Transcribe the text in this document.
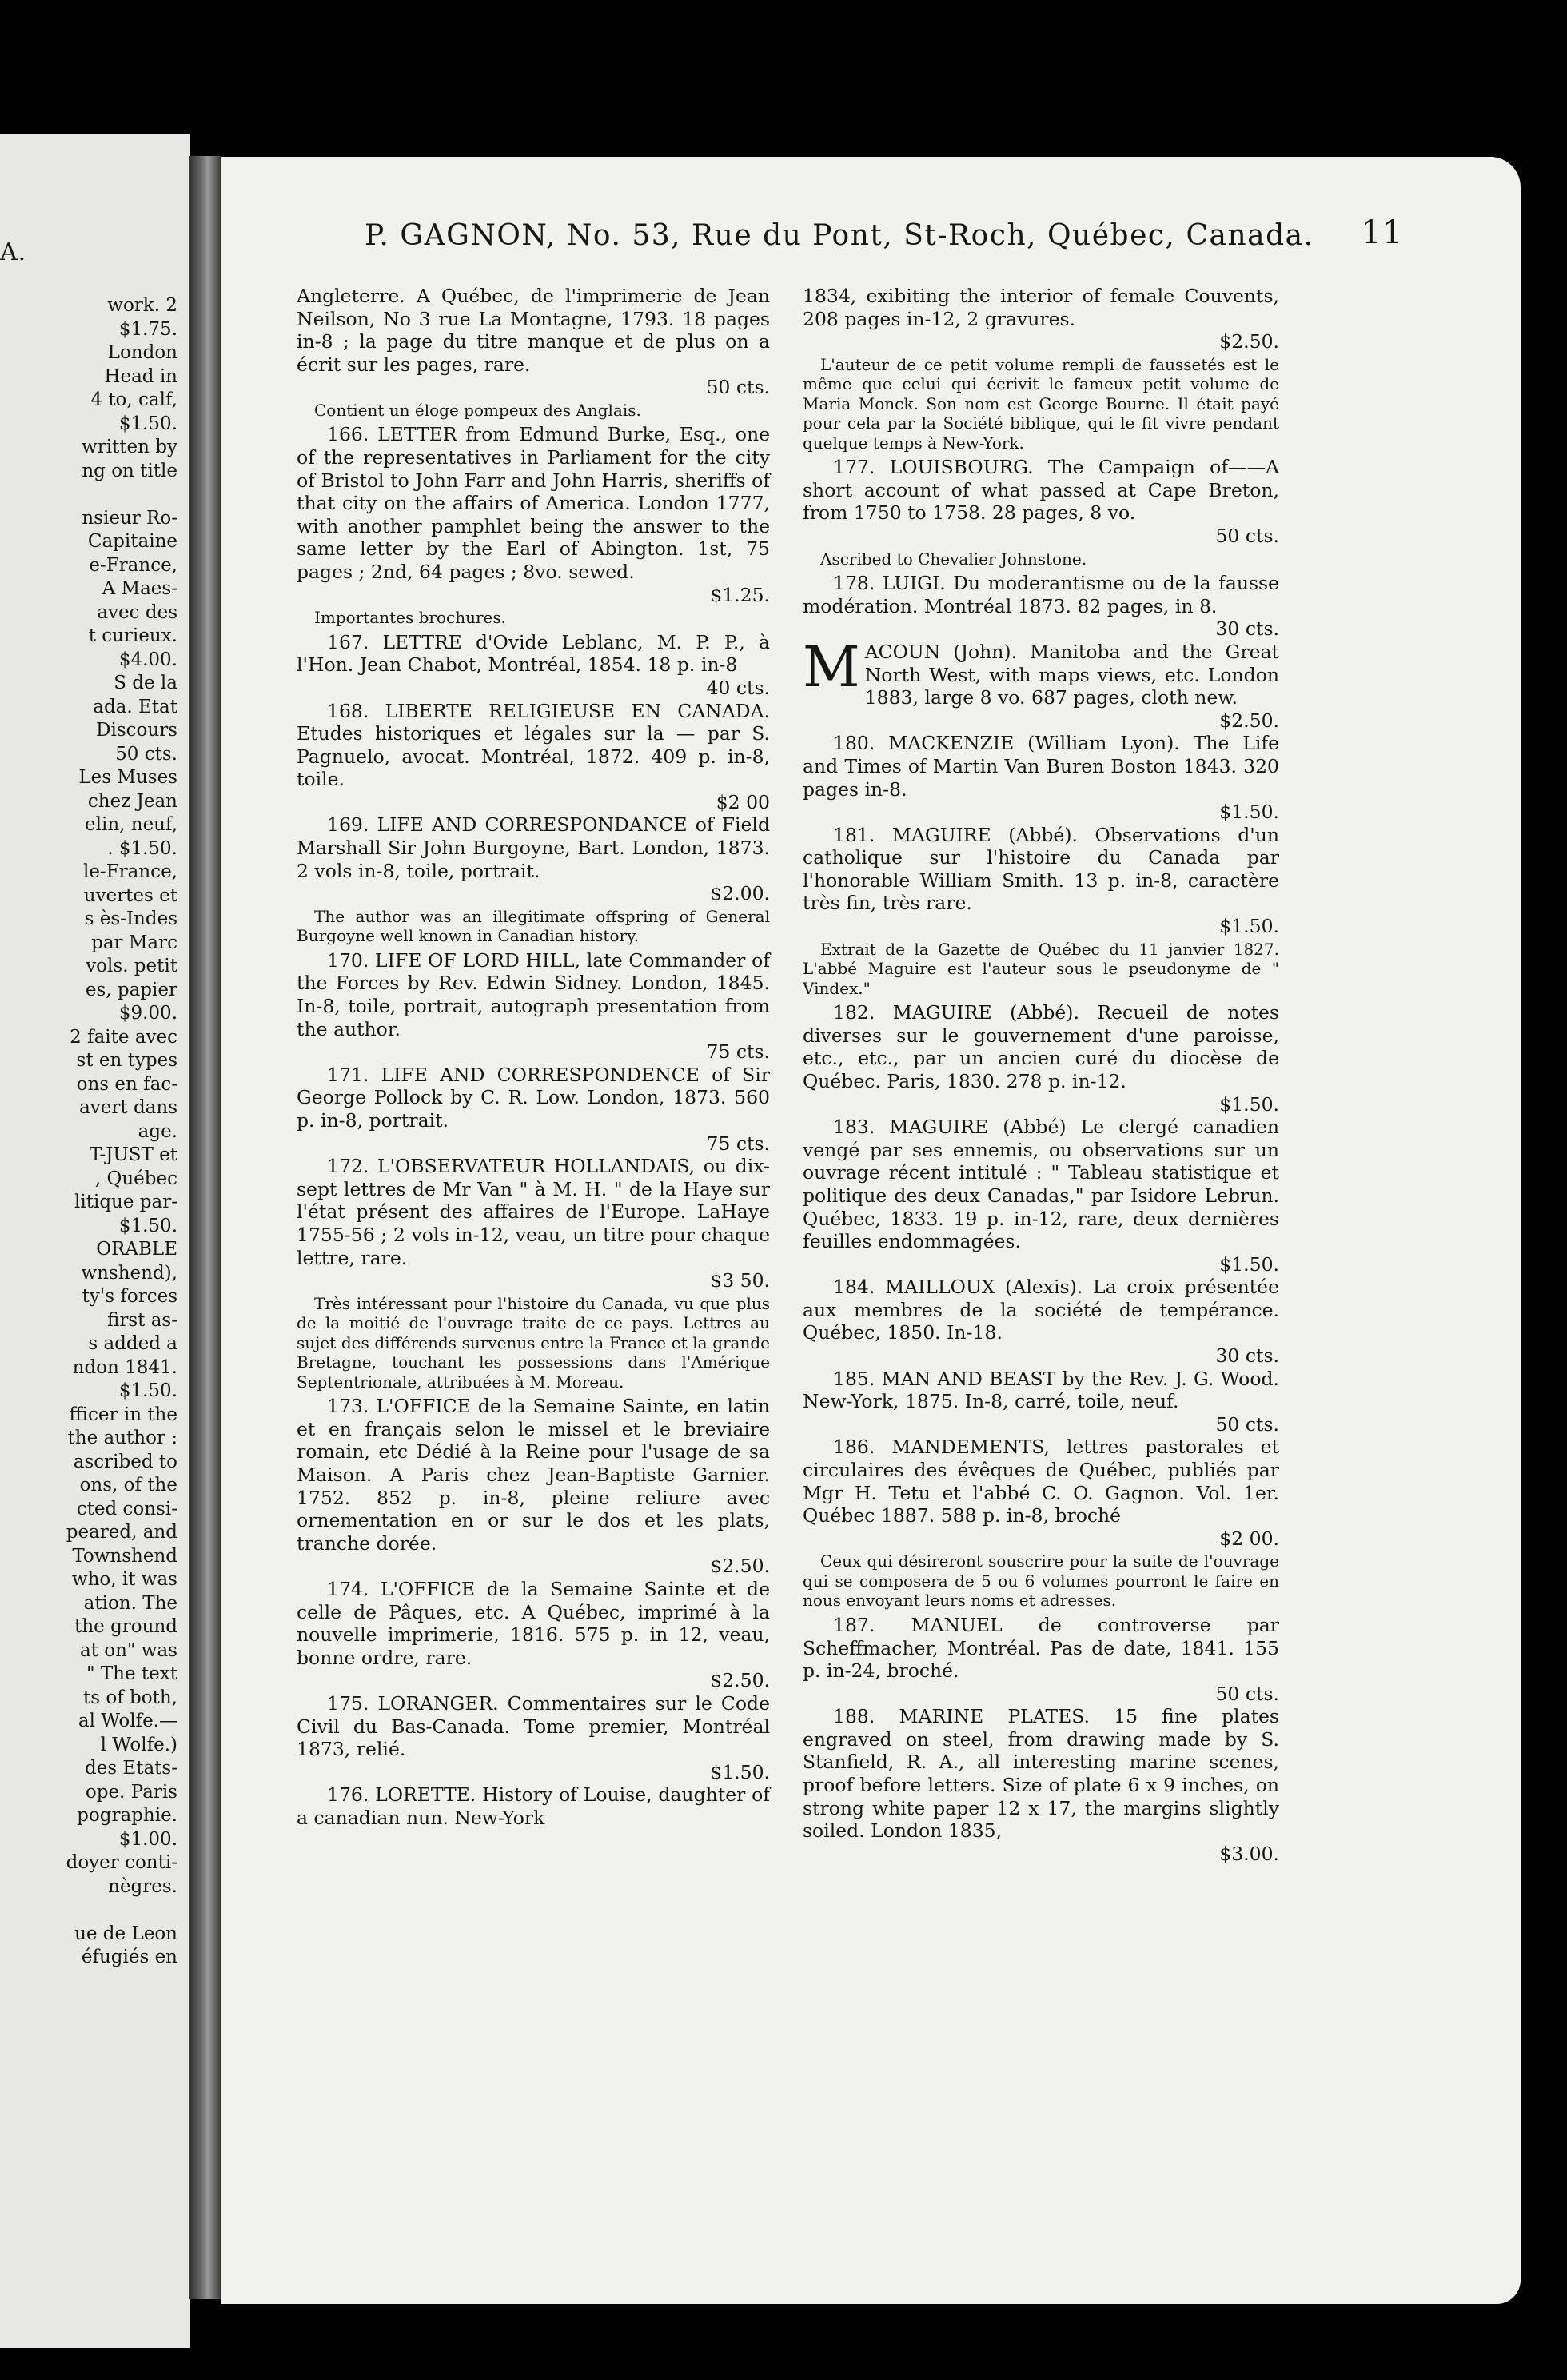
A.
work. 2
$1.75.
London
Head in
4 to, calf,
$1.50.
written by
ng on title

nsieur Ro-
Capitaine
e-France,
A Maes-
avec des
t curieux.
$4.00.
S de la
ada. Etat
Discours
50 cts.
Les Muses
chez Jean
elin, neuf,
. $1.50.
le-France,
uvertes et
s ès-Indes
par Marc
vols. petit
es, papier
$9.00.
2 faite avec
st en types
ons en fac-
avert dans
age.
T-JUST et
, Québec
litique par-
$1.50.
ORABLE
wnshend),
ty's forces
first as-
s added a
ndon 1841.
$1.50.
fficer in the
the author :
ascribed to
ons, of the
cted consi-
peared, and
Townshend
who, it was
ation. The
the ground
at on" was
" The text
ts of both,
al Wolfe.—
l Wolfe.)
des Etats-
ope. Paris
pographie.
$1.00.
doyer conti-
nègres.

ue de Leon
éfugiés en
P. GAGNON, No. 53, Rue du Pont, St-Roch, Québec, Canada. 11

Angleterre. A Québec, de l'imprimerie de Jean Neilson, No 3 rue La Montagne, 1793. 18 pages in-8 ; la page du titre manque et de plus on a écrit sur les pages, rare.
50 cts.

Contient un éloge pompeux des Anglais.

166. LETTER from Edmund Burke, Esq., one of the representatives in Parliament for the city of Bristol to John Farr and John Harris, sheriffs of that city on the affairs of America. London 1777, with another pamphlet being the answer to the same letter by the Earl of Abington. 1st, 75 pages ; 2nd, 64 pages ; 8vo. sewed.
$1.25.

Importantes brochures.

167. LETTRE d'Ovide Leblanc, M. P. P., à l'Hon. Jean Chabot, Montréal, 1854. 18 p. in-8
40 cts.

168. LIBERTE RELIGIEUSE EN CANADA. Etudes historiques et légales sur la — par S. Pagnuelo, avocat. Montréal, 1872. 409 p. in-8, toile.
$2 00

169. LIFE AND CORRESPONDANCE of Field Marshall Sir John Burgoyne, Bart. London, 1873. 2 vols in-8, toile, portrait.
$2.00.

The author was an illegitimate offspring of General Burgoyne well known in Canadian history.

170. LIFE OF LORD HILL, late Commander of the Forces by Rev. Edwin Sidney. London, 1845. In-8, toile, portrait, autograph presentation from the author.
75 cts.

171. LIFE AND CORRESPONDENCE of Sir George Pollock by C. R. Low. London, 1873. 560 p. in-8, portrait.
75 cts.

172. L'OBSERVATEUR HOLLANDAIS, ou dix-sept lettres de Mr Van " à M. H. " de la Haye sur l'état présent des affaires de l'Europe. LaHaye 1755-56 ; 2 vols in-12, veau, un titre pour chaque lettre, rare.
$3 50.

Très intéressant pour l'histoire du Canada, vu que plus de la moitié de l'ouvrage traite de ce pays. Lettres au sujet des différends survenus entre la France et la grande Bretagne, touchant les possessions dans l'Amérique Septentrionale, attribuées à M. Moreau.

173. L'OFFICE de la Semaine Sainte, en latin et en français selon le missel et le breviaire romain, etc Dédié à la Reine pour l'usage de sa Maison. A Paris chez Jean-Baptiste Garnier. 1752. 852 p. in-8, pleine reliure avec ornementation en or sur le dos et les plats, tranche dorée.
$2.50.

174. L'OFFICE de la Semaine Sainte et de celle de Pâques, etc. A Québec, imprimé à la nouvelle imprimerie, 1816. 575 p. in 12, veau, bonne ordre, rare.
$2.50.

175. LORANGER. Commentaires sur le Code Civil du Bas-Canada. Tome premier, Montréal 1873, relié.
$1.50.

176. LORETTE. History of Louise, daughter of a canadian nun. New-York

1834, exibiting the interior of female Couvents, 208 pages in-12, 2 gravures.
$2.50.

L'auteur de ce petit volume rempli de faussetés est le même que celui qui écrivit le fameux petit volume de Maria Monck. Son nom est George Bourne. Il était payé pour cela par la Société biblique, qui le fit vivre pendant quelque temps à New-York.

177. LOUISBOURG. The Campaign of——A short account of what passed at Cape Breton, from 1750 to 1758. 28 pages, 8 vo.
50 cts.

Ascribed to Chevalier Johnstone.

178. LUIGI. Du moderantisme ou de la fausse modération. Montréal 1873. 82 pages, in 8.
30 cts.

MACOUN (John). Manitoba and the Great North West, with maps views, etc. London 1883, large 8 vo. 687 pages, cloth new.
$2.50.

180. MACKENZIE (William Lyon). The Life and Times of Martin Van Buren Boston 1843. 320 pages in-8.
$1.50.

181. MAGUIRE (Abbé). Observations d'un catholique sur l'histoire du Canada par l'honorable William Smith. 13 p. in-8, caractère très fin, très rare.
$1.50.

Extrait de la Gazette de Québec du 11 janvier 1827. L'abbé Maguire est l'auteur sous le pseudonyme de " Vindex."

182. MAGUIRE (Abbé). Recueil de notes diverses sur le gouvernement d'une paroisse, etc., etc., par un ancien curé du diocèse de Québec. Paris, 1830. 278 p. in-12.
$1.50.

183. MAGUIRE (Abbé) Le clergé canadien vengé par ses ennemis, ou observations sur un ouvrage récent intitulé : " Tableau statistique et politique des deux Canadas," par Isidore Lebrun. Québec, 1833. 19 p. in-12, rare, deux dernières feuilles endommagées.
$1.50.

184. MAILLOUX (Alexis). La croix présentée aux membres de la société de tempérance. Québec, 1850. In-18.
30 cts.

185. MAN AND BEAST by the Rev. J. G. Wood. New-York, 1875. In-8, carré, toile, neuf.
50 cts.

186. MANDEMENTS, lettres pastorales et circulaires des évêques de Québec, publiés par Mgr H. Tetu et l'abbé C. O. Gagnon. Vol. 1er. Québec 1887. 588 p. in-8, broché
$2 00.

Ceux qui désireront souscrire pour la suite de l'ouvrage qui se composera de 5 ou 6 volumes pourront le faire en nous envoyant leurs noms et adresses.

187. MANUEL de controverse par Scheffmacher, Montréal. Pas de date, 1841. 155 p. in-24, broché.
50 cts.

188. MARINE PLATES. 15 fine plates engraved on steel, from drawing made by S. Stanfield, R. A., all interesting marine scenes, proof before letters. Size of plate 6 x 9 inches, on strong white paper 12 x 17, the margins slightly soiled. London 1835,
$3.00.
